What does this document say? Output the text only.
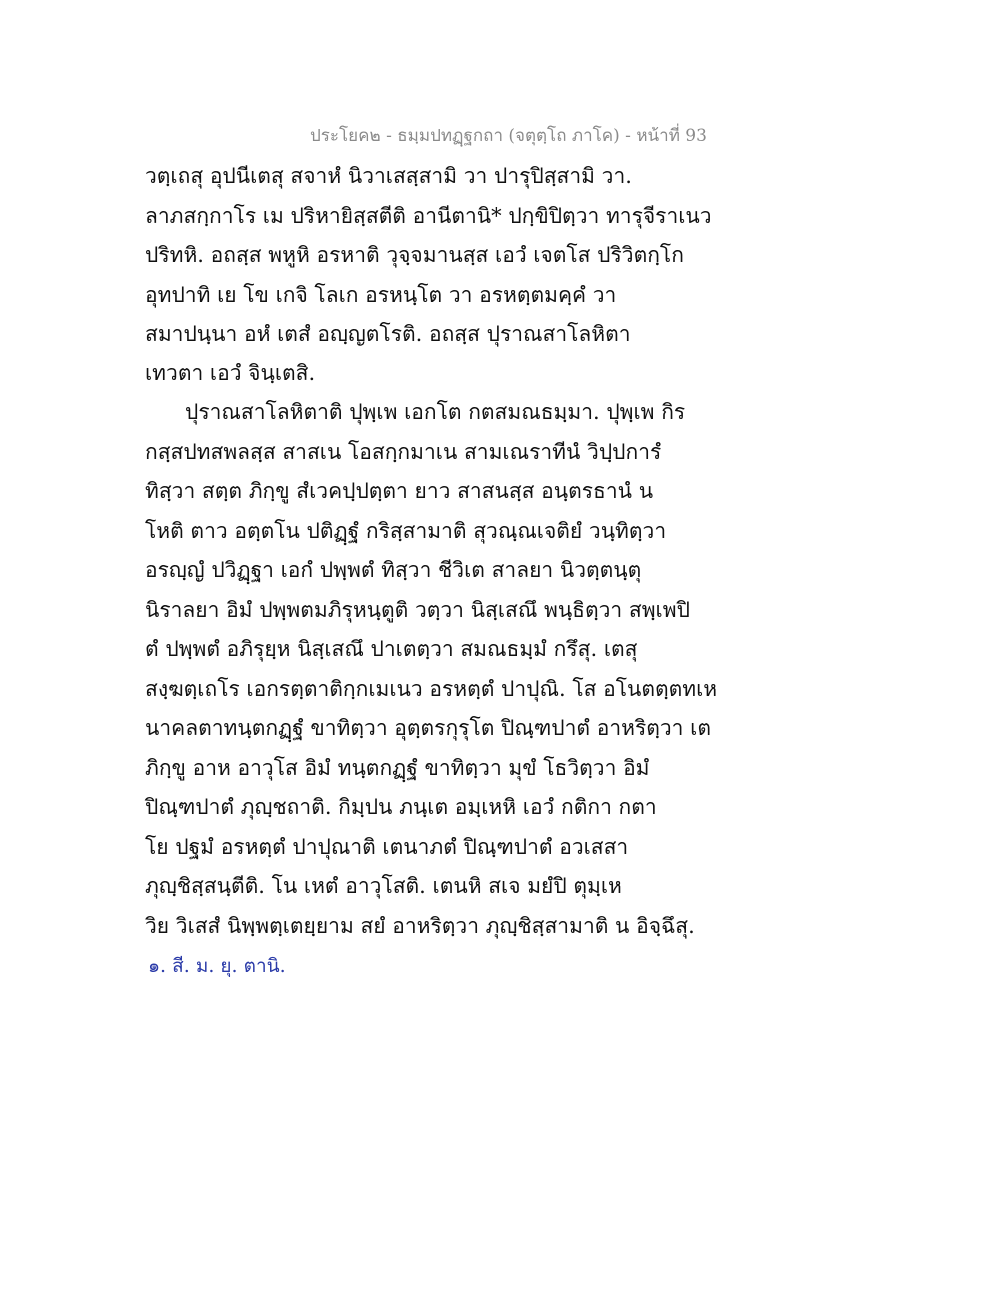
ประโยค๒ - ธมฺมปทฏฺฐกถา (จตุตฺโถ ภาโค) - หน้าที่ 93
วตฺเถสุ อุปนีเตสุ สจาหํ นิวาเสสฺสามิ วา ปารุปิสฺสามิ วา.
ลาภสกฺกาโร เม ปริหายิสฺสตีติ อานีตานิ* ปกฺขิปิตฺวา ทารุจีราเนว
ปริทหิ. อถสฺส พหูหิ อรหาติ วุจฺจมานสฺส เอวํ เจตโส ปริวิตกฺโก
อุทปาทิ เย โข เกจิ โลเก อรหนฺโต วา อรหตฺตมคฺคํ วา
สมาปนฺนา อหํ เตสํ อญฺญตโรติ. อถสฺส ปุราณสาโลหิตา
เทวตา เอวํ จินฺเตสิ.
ปุราณสาโลหิตาติ ปุพฺเพ เอกโต กตสมณธมฺมา. ปุพฺเพ กิร
กสฺสปทสพลสฺส สาสเน โอสกฺกมาเน สามเณราทีนํ วิปฺปการํ
ทิสฺวา สตฺต ภิกฺขู สํเวคปฺปตฺตา ยาว สาสนสฺส อนฺตรธานํ น
โหติ ตาว อตฺตโน ปติฏฺฐํ กริสฺสามาติ สุวณฺณเจติยํ วนฺทิตฺวา
อรญฺญํ ปวิฏฺฐา เอกํ ปพฺพตํ ทิสฺวา ชีวิเต สาลยา นิวตฺตนฺตุ
นิราลยา อิมํ ปพฺพตมภิรุหนฺตูติ วตฺวา นิสฺเสณึ พนฺธิตฺวา สพฺเพปิ
ตํ ปพฺพตํ อภิรุยฺห นิสฺเสณึ ปาเตตฺวา สมณธมฺมํ กรึสุ. เตสุ
สงฺฆตฺเถโร เอกรตฺตาติกฺกเมเนว อรหตฺตํ ปาปุณิ. โส อโนตตฺตทเห
นาคลตาทนฺตกฏฺฐํ ขาทิตฺวา อุตฺตรกุรุโต ปิณฺฑปาตํ อาหริตฺวา เต
ภิกฺขู อาห อาวุโส อิมํ ทนฺตกฏฺฐํ ขาทิตฺวา มุขํ โธวิตฺวา อิมํ
ปิณฺฑปาตํ ภุญฺชถาติ. กิมฺปน ภนฺเต อมฺเหหิ เอวํ กติกา กตา
โย ปฐมํ อรหตฺตํ ปาปุณาติ เตนาภตํ ปิณฺฑปาตํ อวเสสา
ภุญฺชิสฺสนฺตีติ. โน เหตํ อาวุโสติ. เตนหิ สเจ มยํปิ ตุมฺเห
วิย วิเสสํ นิพฺพตฺเตยฺยาม สยํ อาหริตฺวา ภุญฺชิสฺสามาติ น อิจฺฉึสุ.
๑. สี. ม. ยุ. ตานิ.
